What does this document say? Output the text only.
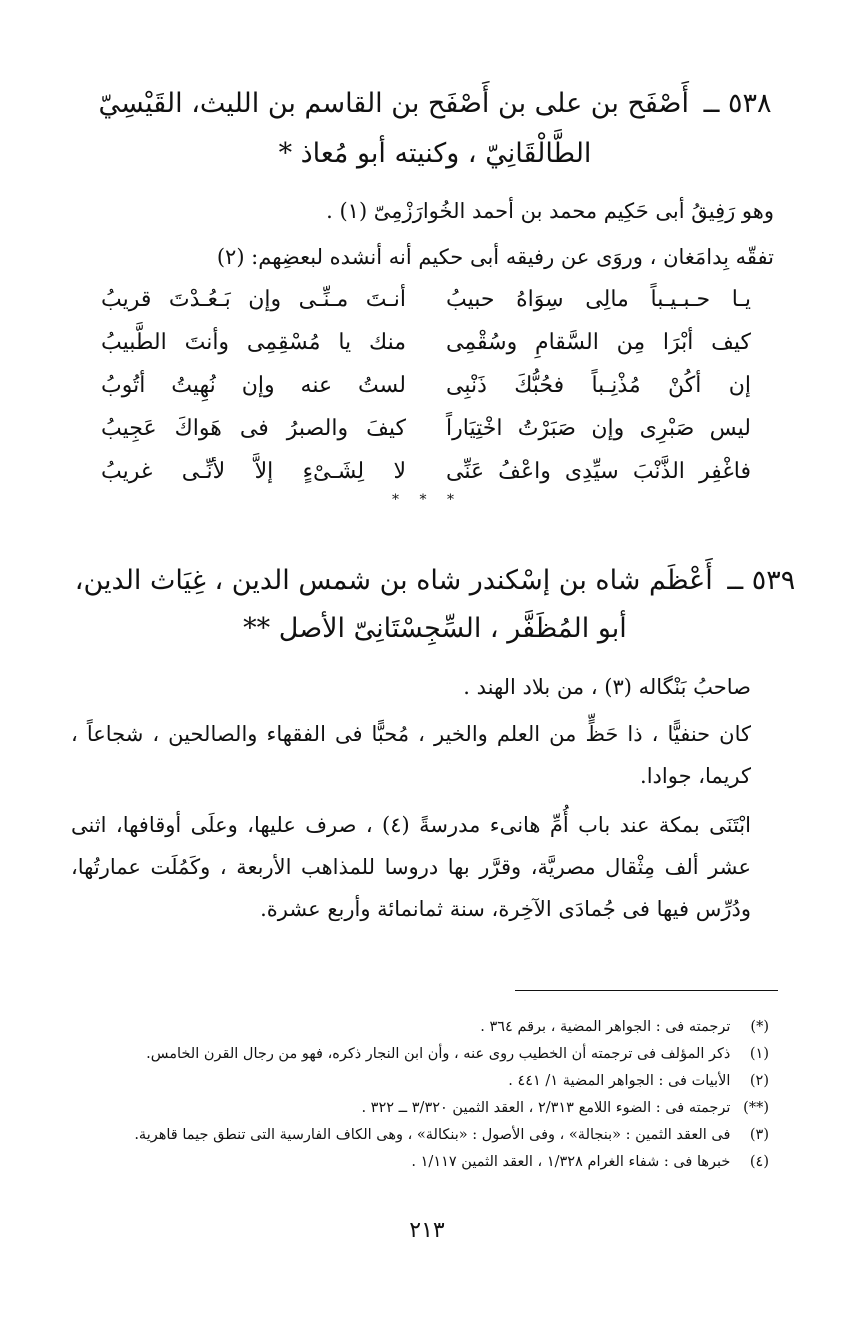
٥٣٨ ــ أَصْفَح بن على بن أَصْفَح بن القاسم بن الليث، القَيْسِيّ
الطَّالْقَانِيّ ، وكنيته أبو مُعاذ *

وهو رَفِيقُ أبى حَكِيم محمد بن أحمد الخُوارَزْمِىّ (١) .

تفقّه بِدامَغان ، وروَى عن رفيقه أبى حكيم أنه أنشده لبعضِهم: (٢)

يـا حـبـيـباً مالِى سِوَاهُ حبيبُ
أنـتَ مـنِّـى وإن بَـعُـدْتَ قريبُ
كيف أبْرَا مِن السَّقامِ وسُقْمِى
منك يا مُسْقِمِى وأنتَ الطَّبيبُ
إن أكُنْ مُذْنِـباً فحُبُّكَ ذَنْبِى
لستُ عنه وإن نُهِيتُ أتُوبُ
ليس صَبْرِى وإن صَبَرْتُ اخْتِيَاراً
كيفَ والصبرُ فى هَواكَ عَجِيبُ
فاغْفِر الذَّنْبَ سيِّدِى واعْفُ عَنِّى
لا لِشَـىْءٍ إلاَّ لأنِّـى غريبُ
* * *
٥٣٩ ــ أَعْظَم شاه بن إسْكندر شاه بن شمس الدين ، غِيَاث الدين،
أبو المُظَفَّر ، السِّجِسْتَانِىّ الأصل **

صاحبُ بَنْگاله (٣) ، من بلاد الهند .

كان حنفيًّا ، ذا حَظٍّ من العلم والخير ، مُحبًّا فى الفقهاء والصالحين ، شجاعاً ، كريما، جوادا.

ابْتَنَى بمكة عند باب أُمِّ هانىء مدرسةً (٤) ، صرف عليها، وعلَى أوقافها، اثنى عشر ألف مِثْقال مصريَّة، وقرَّر بها دروسا للمذاهب الأربعة ، وكَمُلَت عمارتُها، ودُرِّس فيها فى جُمادَى الآخِرة، سنة ثمانمائة وأربع عشرة.

(*) ترجمته فى : الجواهر المضية ، برقم ٣٦٤ .
(١) ذكر المؤلف فى ترجمته أن الخطيب روى عنه ، وأن ابن النجار ذكره، فهو من رجال القرن الخامس.
(٢) الأبيات فى : الجواهر المضية ١/ ٤٤١ .
(**) ترجمته فى : الضوء اللامع ٢/٣١٣ ، العقد الثمين ٣/٣٢٠ ــ ٣٢٢ .
(٣) فى العقد الثمين : «بنجالة» ، وفى الأصول : «بنكالة» ، وهى الكاف الفارسية التى تنطق جيما قاهرية.
(٤) خبرها فى : شفاء الغرام ١/٣٢٨ ، العقد الثمين ١/١١٧ .
٢١٣
